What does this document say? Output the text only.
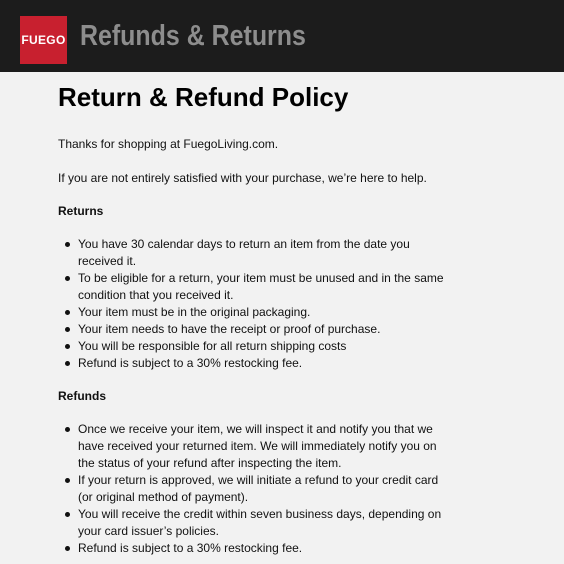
FUEGO Refunds & Returns
Return & Refund Policy

Thanks for shopping at FuegoLiving.com.

If you are not entirely satisfied with your purchase, we’re here to help.

Returns
You have 30 calendar days to return an item from the date you received it.
To be eligible for a return, your item must be unused and in the same condition that you received it.
Your item must be in the original packaging.
Your item needs to have the receipt or proof of purchase.
You will be responsible for all return shipping costs
Refund is subject to a 30% restocking fee.
Refunds
Once we receive your item, we will inspect it and notify you that we have received your returned item. We will immediately notify you on the status of your refund after inspecting the item.
If your return is approved, we will initiate a refund to your credit card (or original method of payment).
You will receive the credit within seven business days, depending on your card issuer’s policies.
Refund is subject to a 30% restocking fee.
